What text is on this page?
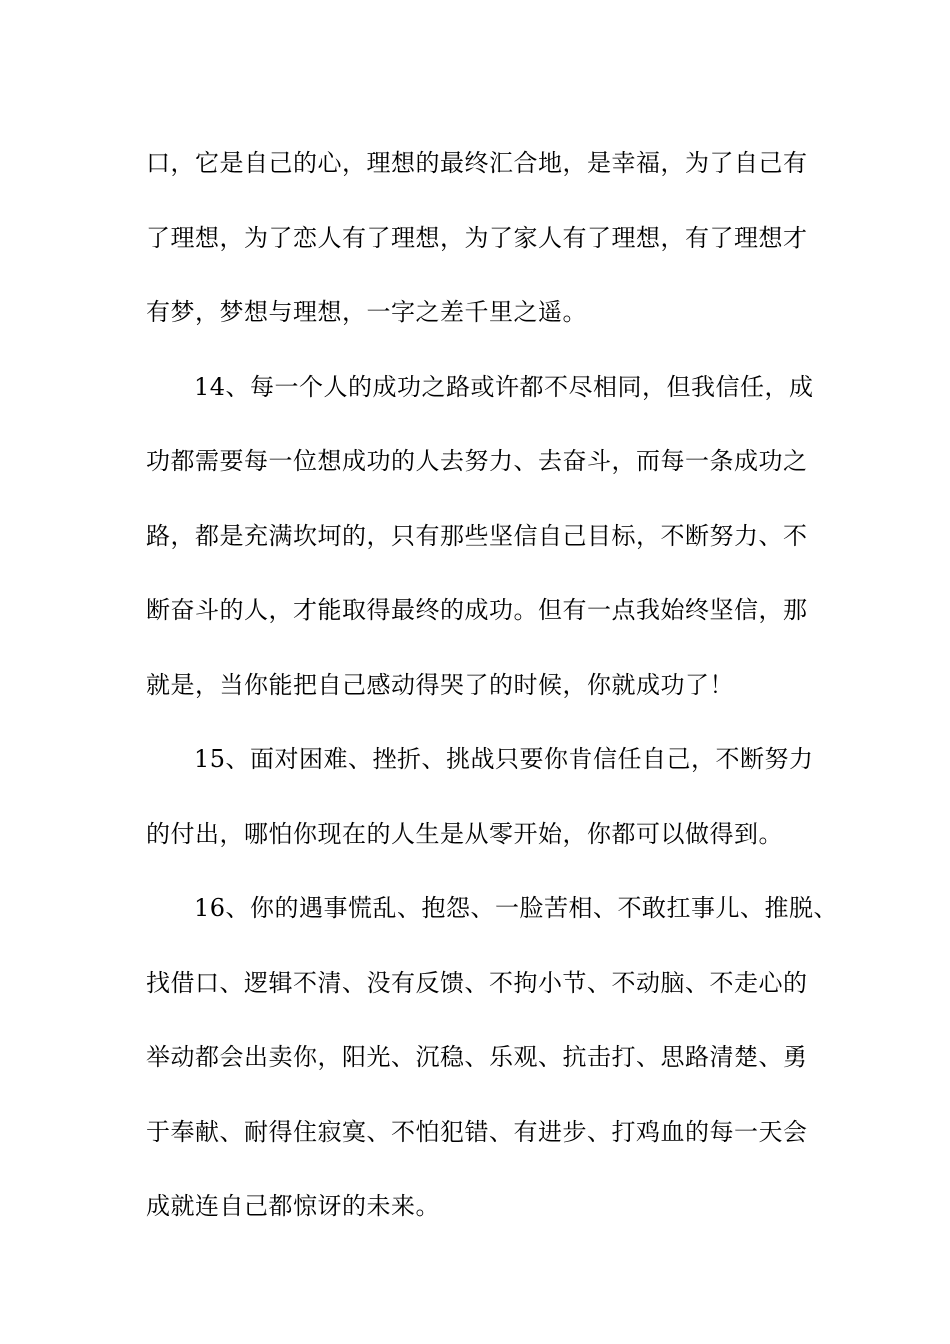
口，它是自己的心，理想的最终汇合地，是幸福，为了自己有
了理想，为了恋人有了理想，为了家人有了理想，有了理想才
有梦，梦想与理想，一字之差千里之遥。
14、每一个人的成功之路或许都不尽相同，但我信任，成
功都需要每一位想成功的人去努力、去奋斗，而每一条成功之
路，都是充满坎坷的，只有那些坚信自己目标，不断努力、不
断奋斗的人，才能取得最终的成功。但有一点我始终坚信，那
就是，当你能把自己感动得哭了的时候，你就成功了！
15、面对困难、挫折、挑战只要你肯信任自己，不断努力
的付出，哪怕你现在的人生是从零开始，你都可以做得到。
16、你的遇事慌乱、抱怨、一脸苦相、不敢扛事儿、推脱、
找借口、逻辑不清、没有反馈、不拘小节、不动脑、不走心的
举动都会出卖你，阳光、沉稳、乐观、抗击打、思路清楚、勇
于奉献、耐得住寂寞、不怕犯错、有进步、打鸡血的每一天会
成就连自己都惊讶的未来。
